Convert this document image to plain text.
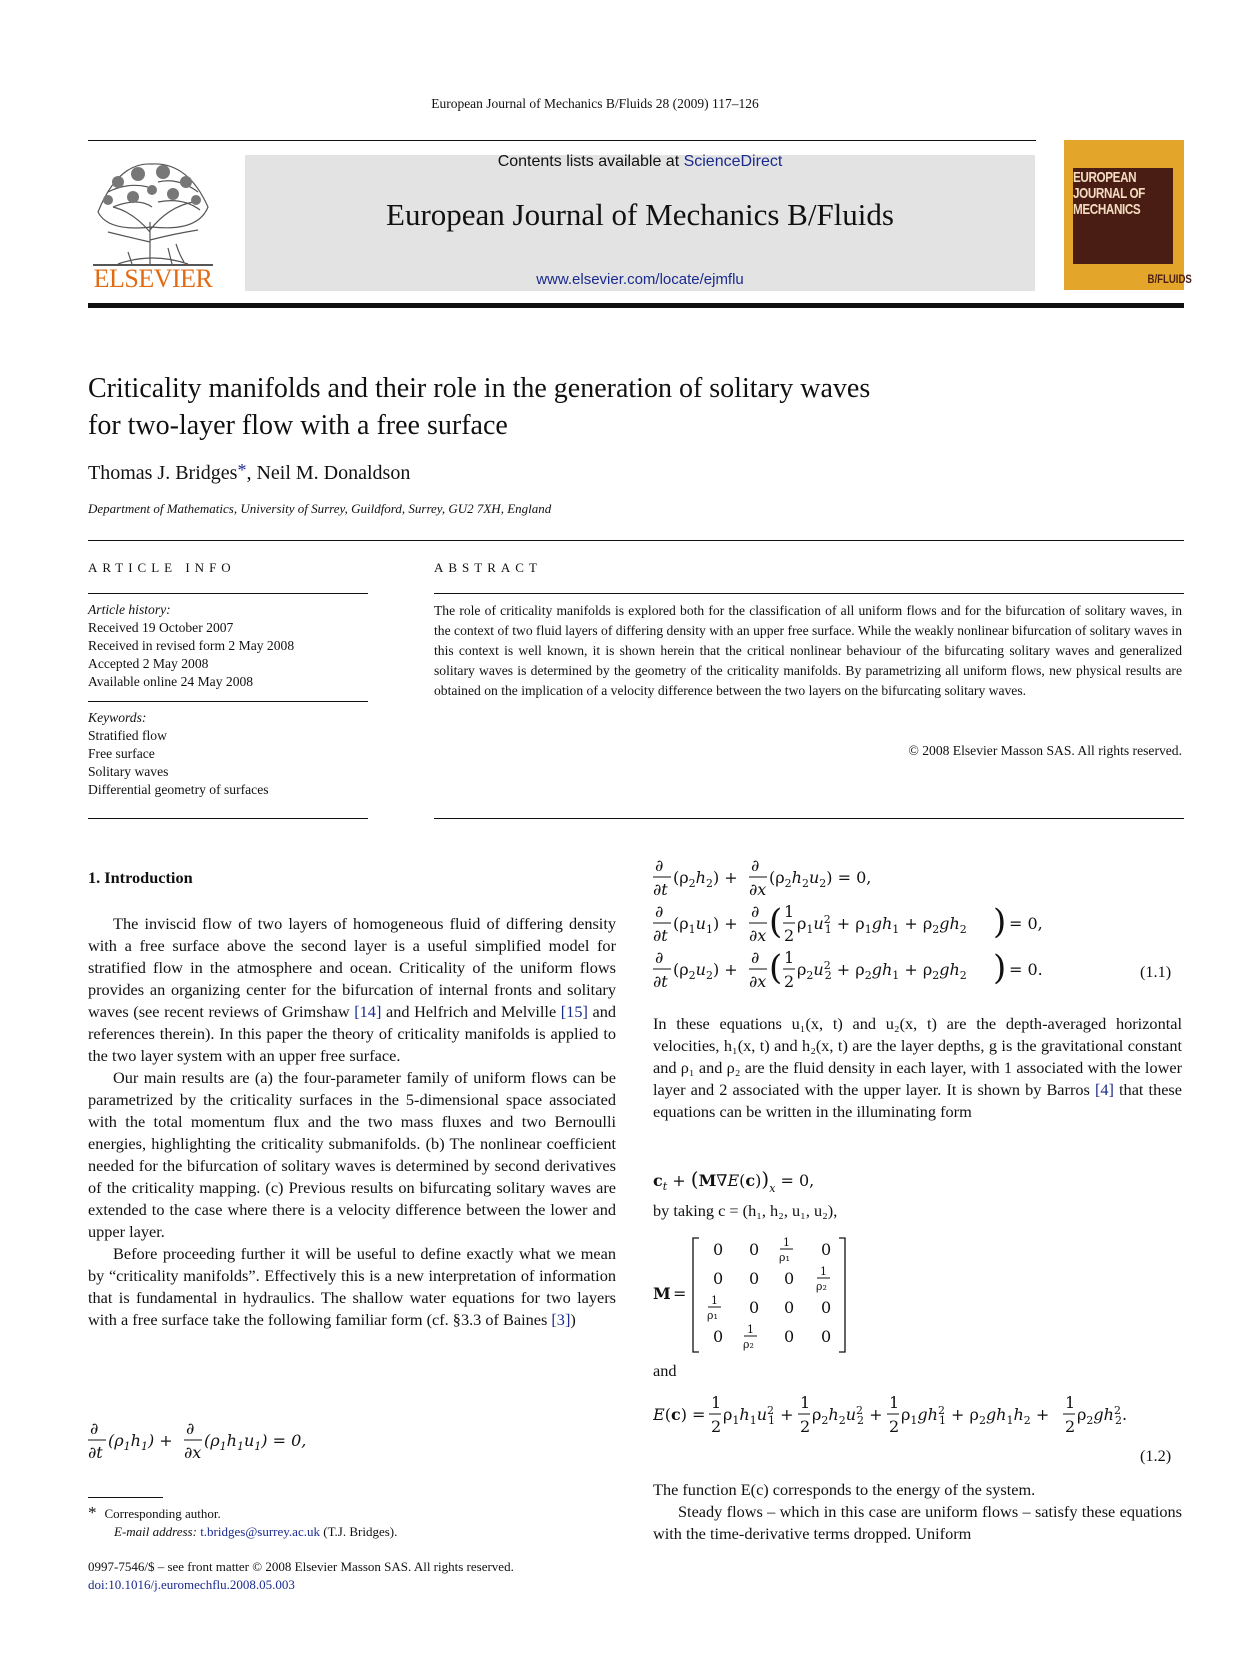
European Journal of Mechanics B/Fluids 28 (2009) 117–126
ELSEVIER
Contents lists available at ScienceDirect
European Journal of Mechanics B/Fluids
www.elsevier.com/locate/ejmflu
EUROPEAN
JOURNAL OF
MECHANICS
B/FLUIDS
Criticality manifolds and their role in the generation of solitary waves
for two-layer flow with a free surface
Thomas J. Bridges*, Neil M. Donaldson
Department of Mathematics, University of Surrey, Guildford, Surrey, GU2 7XH, England
ARTICLE INFO	ABSTRACT
Article history:
Received 19 October 2007
Received in revised form 2 May 2008
Accepted 2 May 2008
Available online 24 May 2008
Keywords:
Stratified flow
Free surface
Solitary waves
Differential geometry of surfaces
The role of criticality manifolds is explored both for the classification of all uniform flows and for the bifurcation of solitary waves, in the context of two fluid layers of differing density with an upper free surface. While the weakly nonlinear bifurcation of solitary waves in this context is well known, it is shown herein that the critical nonlinear behaviour of the bifurcating solitary waves and generalized solitary waves is determined by the geometry of the criticality manifolds. By parametrizing all uniform flows, new physical results are obtained on the implication of a velocity difference between the two layers on the bifurcating solitary waves.
© 2008 Elsevier Masson SAS. All rights reserved.
1. Introduction

The inviscid flow of two layers of homogeneous fluid of differing density with a free surface above the second layer is a useful simplified model for stratified flow in the atmosphere and ocean. Criticality of the uniform flows provides an organizing center for the bifurcation of internal fronts and solitary waves (see recent reviews of Grimshaw [14] and Helfrich and Melville [15] and references therein). In this paper the theory of criticality manifolds is applied to the two layer system with an upper free surface.

Our main results are (a) the four-parameter family of uniform flows can be parametrized by the criticality surfaces in the 5-dimensional space associated with the total momentum flux and the two mass fluxes and two Bernoulli energies, highlighting the criticality submanifolds. (b) The nonlinear coefficient needed for the bifurcation of solitary waves is determined by second derivatives of the criticality mapping. (c) Previous results on bifurcating solitary waves are extended to the case where there is a velocity difference between the lower and upper layer.

Before proceeding further it will be useful to define exactly what we mean by “criticality manifolds”. Effectively this is a new interpretation of information that is fundamental in hydraulics. The shallow water equations for two layers with a free surface take the following familiar form (cf. §3.3 of Baines [3])

∂
∂t
$(\rho_1h_1)$ +
∂
∂x
$(\rho_1h_1u_1) = 0$,
∂
∂t
$(\rho_2h_2)$ +
∂
∂x
$(\rho_2h_2u_2) = 0$,
∂
∂t
$(\rho_1u_1)$ +
∂
∂x ( 1
2
$\rho_1u^2$ $1 + \rho_1gh_1 + \rho_2gh_2$ ) = 0,
∂
∂t
$(\rho_2u_2)$ +
∂
∂x ( 1
2
$\rho_2u^2$ $2 + \rho_2gh_1 + \rho_2gh_2$ ) = 0.	(1.1)
In these equations u₁(x, t) and u₂(x, t) are the depth-averaged horizontal velocities, h₁(x, t) and h₂(x, t) are the layer depths, g is the gravitational constant and ρ₁ and ρ₂ are the fluid density in each layer, with 1 associated with the lower layer and 2 associated with the upper layer. It is shown by Barros [4] that these equations can be written in the illuminating form
$c_t + (M\nabla E(c))_x = 0$,
by taking c = (h₁, h₂, u₁, u₂),
M =
0 0 1
ρ₁ 0
0 0 0 1
ρ₂
1
ρ₁ 0 0 0
0 1
ρ₂ 0 0
and
E(c) =
1
2
$\rho_1h_1u^2$ 1 +
1
2
$\rho_2h_2u^2$ 2 +
1
2
$\rho_1gh^2$ $1 + \rho_2gh_1h_2$ +
1
2
$\rho_2gh^2$ 2.
(1.2)
The function E(c) corresponds to the energy of the system.
Steady flows – which in this case are uniform flows – satisfy these equations with the time-derivative terms dropped. Uniform
* Corresponding author.
E-mail address: t.bridges@surrey.ac.uk (T.J. Bridges).
0997-7546/$ – see front matter © 2008 Elsevier Masson SAS. All rights reserved.
doi:10.1016/j.euromechflu.2008.05.003
